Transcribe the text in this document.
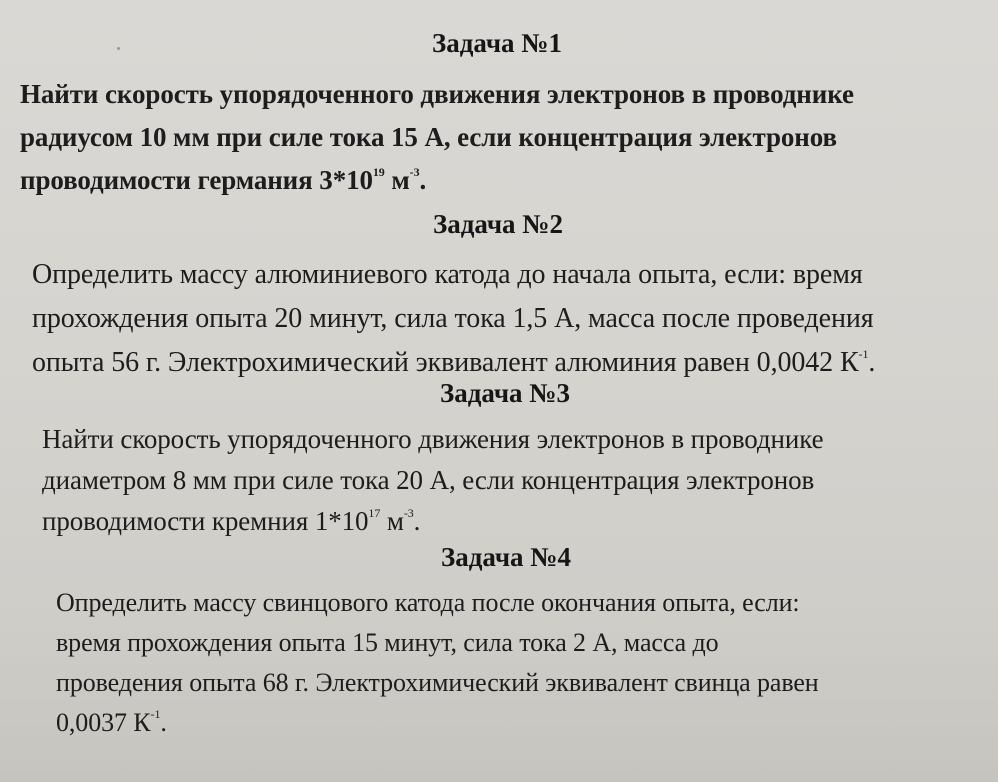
Задача №1
Найти скорость упорядоченного движения электронов в проводнике
радиусом 10 мм при силе тока 15 А, если концентрация электронов
проводимости германия $3*10^{19}$ $м^{-3}$.
Задача №2
Определить массу алюминиевого катода до начала опыта, если: время
прохождения опыта 20 минут, сила тока 1,5 А, масса после проведения
опыта 56 г. Электрохимический эквивалент алюминия равен 0,0042 $К^{-1}$.
Задача №3
Найти скорость упорядоченного движения электронов в проводнике
диаметром 8 мм при силе тока 20 А, если концентрация электронов
проводимости кремния $1*10^{17}$ $м^{-3}$.
Задача №4
Определить массу свинцового катода после окончания опыта, если:
время прохождения опыта 15 минут, сила тока 2 А, масса до
проведения опыта 68 г. Электрохимический эквивалент свинца равен
0,0037 $К^{-1}$.
